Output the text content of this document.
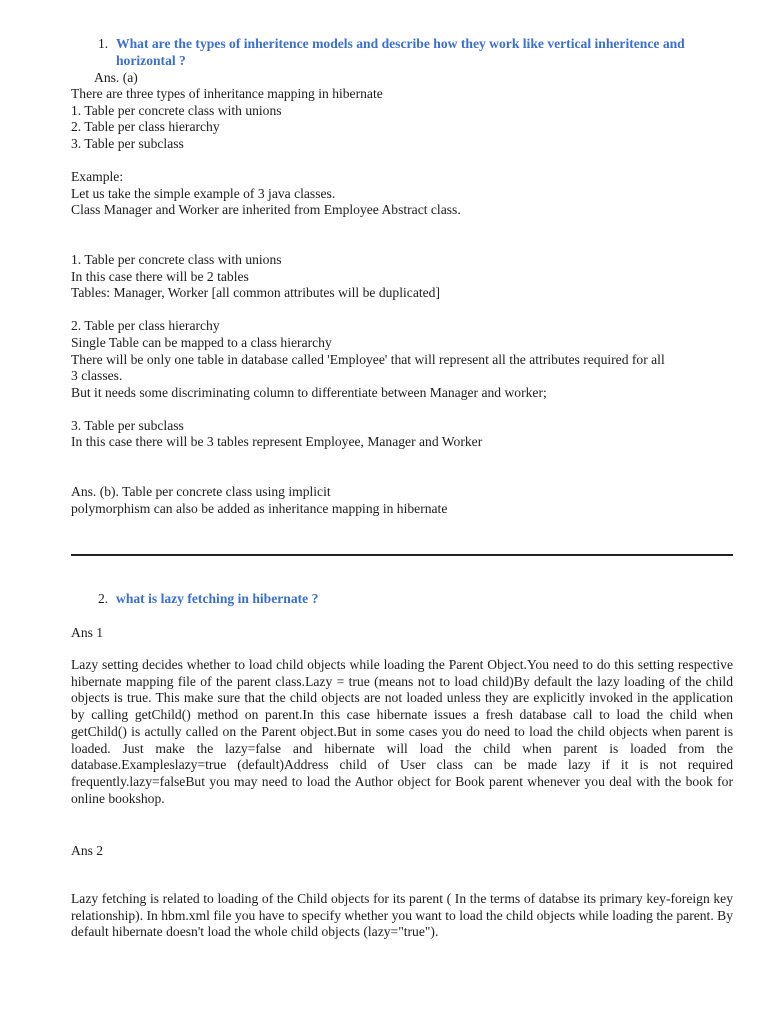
1. What are the types of inheritence models and describe how they work like vertical inheritence and horizontal ?
Ans. (a)
There are three types of inheritance mapping in hibernate
1. Table per concrete class with unions
2. Table per class hierarchy
3. Table per subclass
Example:
Let us take the simple example of 3 java classes.
Class Manager and Worker are inherited from Employee Abstract class.
1. Table per concrete class with unions
In this case there will be 2 tables
Tables: Manager, Worker [all common attributes will be duplicated]
2. Table per class hierarchy
Single Table can be mapped to a class hierarchy
There will be only one table in database called 'Employee' that will represent all the attributes required for all
3 classes.
But it needs some discriminating column to differentiate between Manager and worker;
3. Table per subclass
In this case there will be 3 tables represent Employee, Manager and Worker
Ans. (b). Table per concrete class using implicit
polymorphism can also be added as inheritance mapping in hibernate
2. what is lazy fetching in hibernate ?
Ans 1
Lazy setting decides whether to load child objects while loading the Parent Object.You need to do this setting respective hibernate mapping file of the parent class.Lazy = true (means not to load child)By default the lazy loading of the child objects is true. This make sure that the child objects are not loaded unless they are explicitly invoked in the application by calling getChild() method on parent.In this case hibernate issues a fresh database call to load the child when getChild() is actully called on the Parent object.But in some cases you do need to load the child objects when parent is loaded. Just make the lazy=false and hibernate will load the child when parent is loaded from the database.Exampleslazy=true (default)Address child of User class can be made lazy if it is not required frequently.lazy=falseBut you may need to load the Author object for Book parent whenever you deal with the book for online bookshop.
Ans 2
Lazy fetching is related to loading of the Child objects for its parent ( In the terms of databse its primary key-foreign key relationship). In hbm.xml file you have to specify whether you want to load the child objects while loading the parent. By default hibernate doesn't load the whole child objects (lazy="true").
